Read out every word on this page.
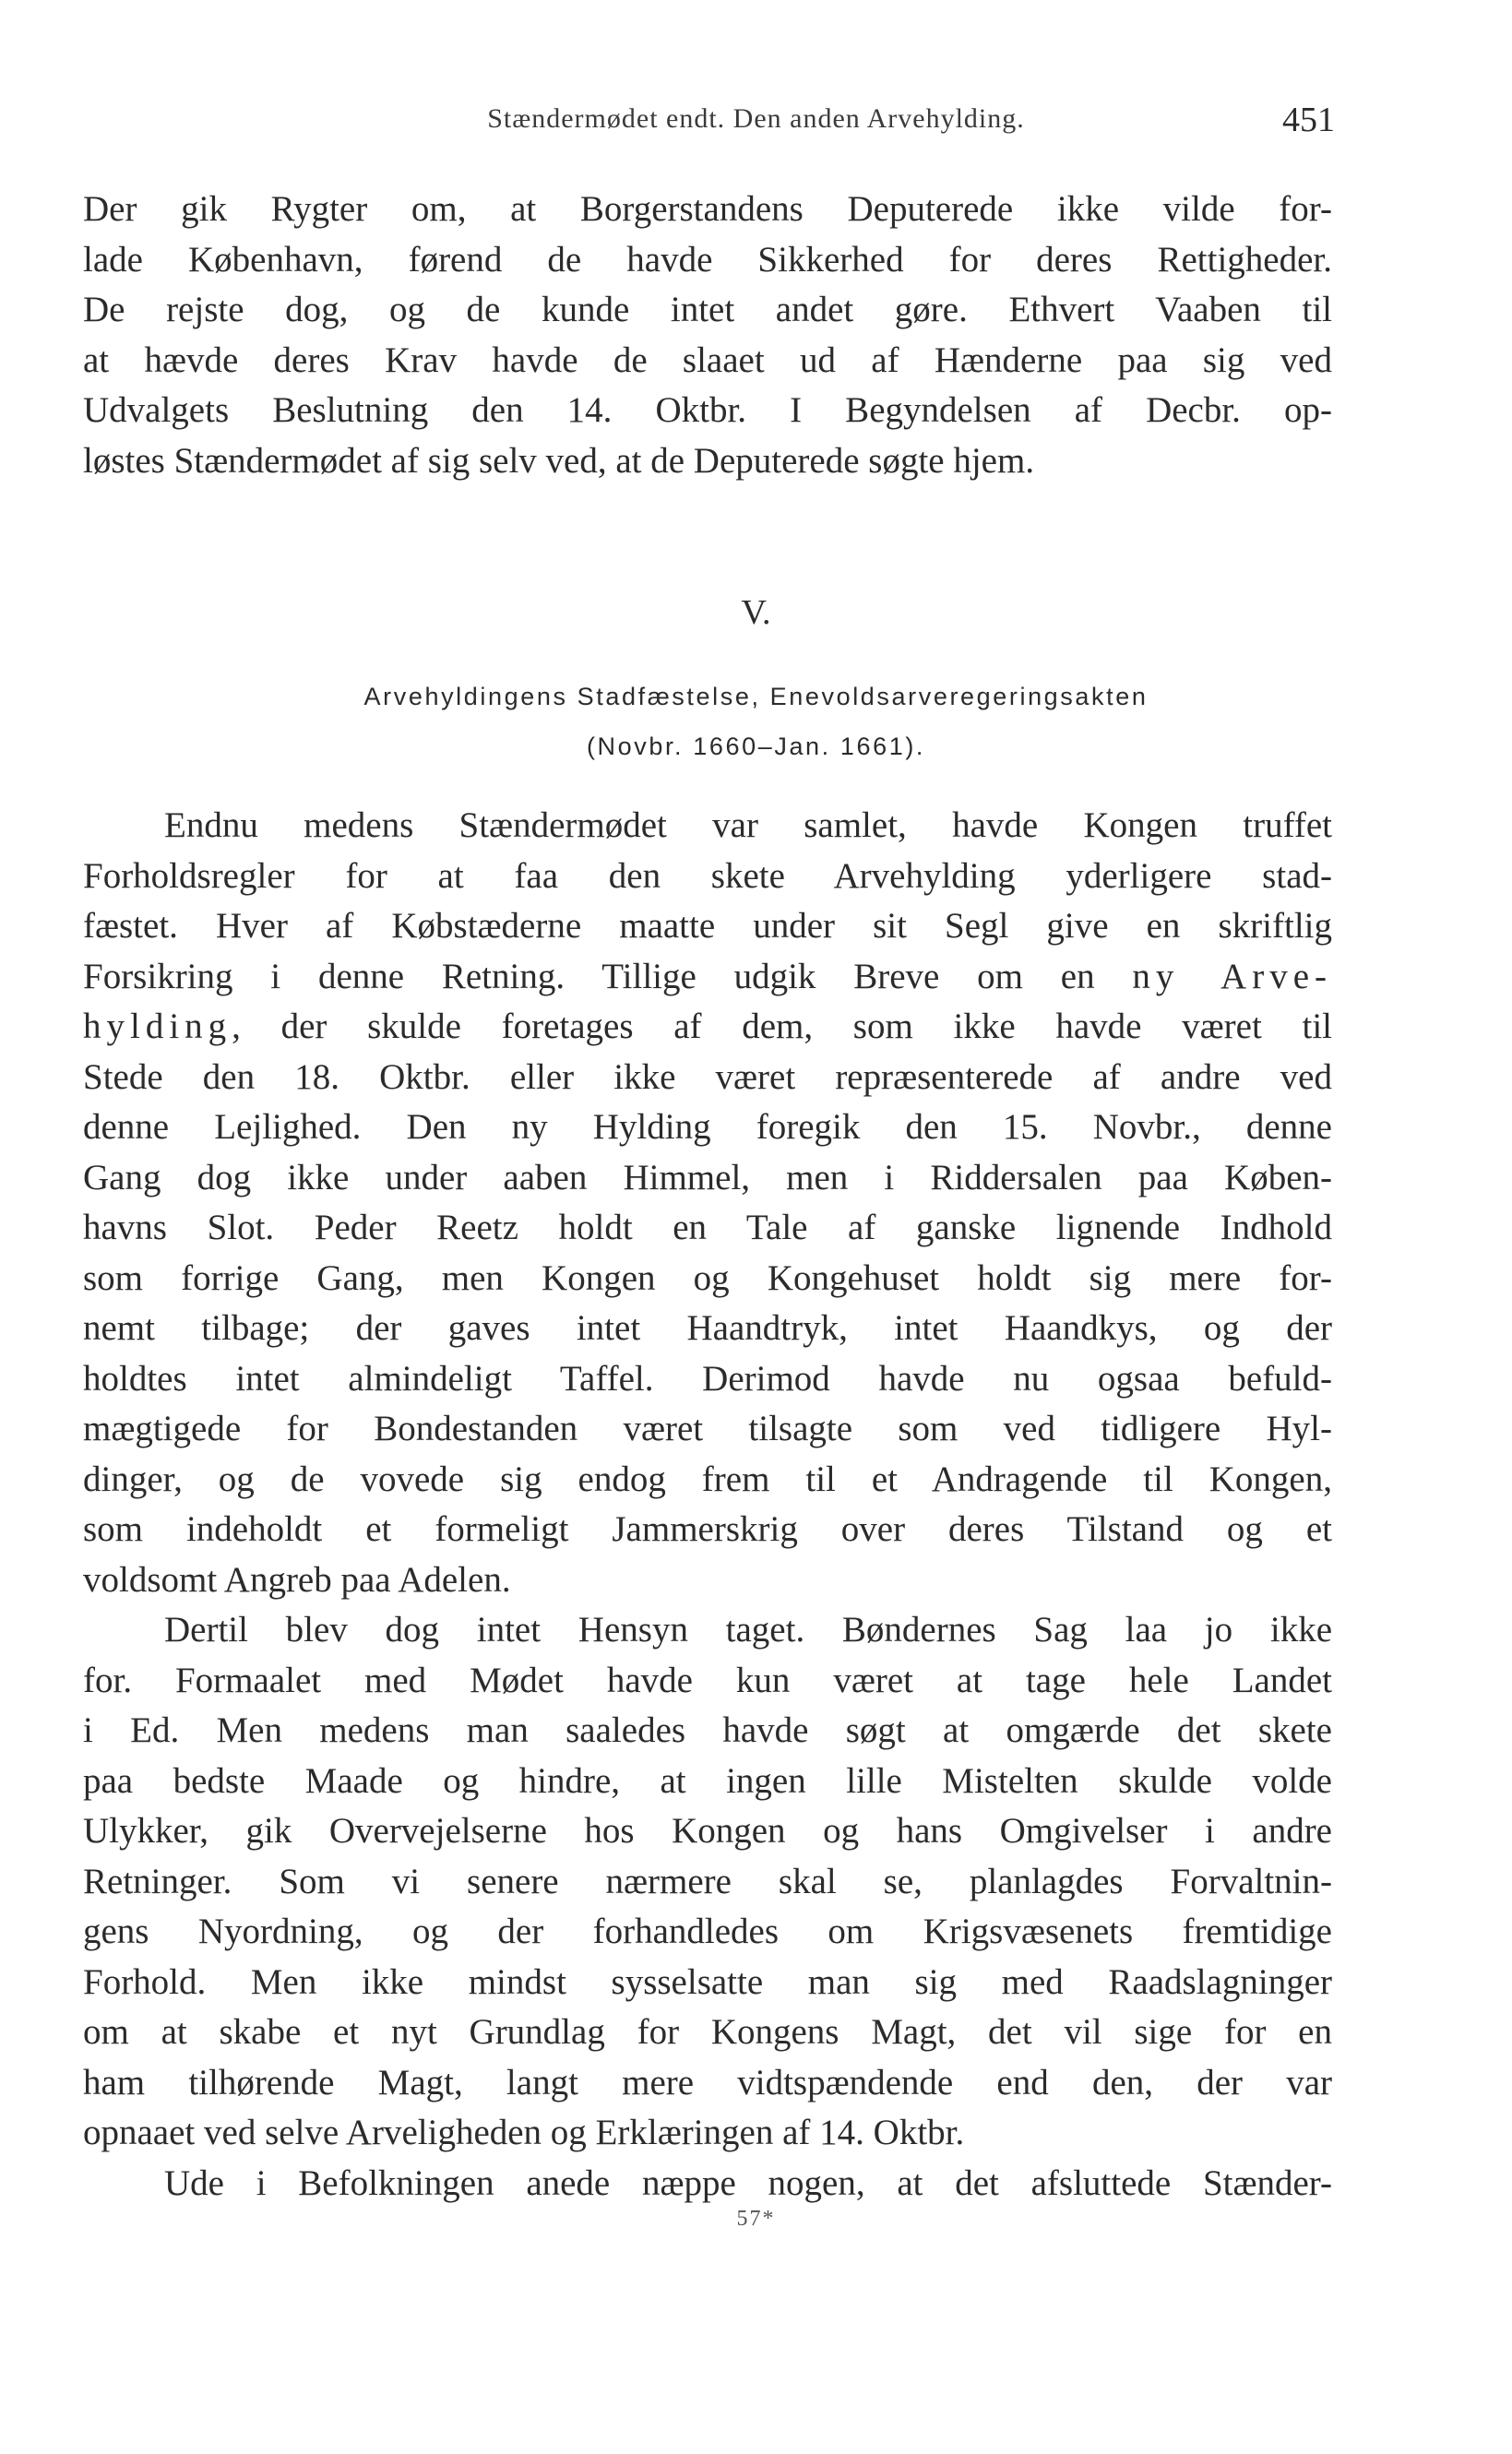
Stændermødet endt. Den anden Arvehylding.	451
Der gik Rygter om, at Borgerstandens Deputerede ikke vilde for-
lade København, førend de havde Sikkerhed for deres Rettigheder.
De rejste dog, og de kunde intet andet gøre. Ethvert Vaaben til
at hævde deres Krav havde de slaaet ud af Hænderne paa sig ved
Udvalgets Beslutning den 14. Oktbr. I Begyndelsen af Decbr. op-
løstes Stændermødet af sig selv ved, at de Deputerede søgte hjem.
V.
Arvehyldingens Stadfæstelse, Enevoldsarveregeringsakten
(Novbr. 1660–Jan. 1661).
Endnu medens Stændermødet var samlet, havde Kongen truffet
Forholdsregler for at faa den skete Arvehylding yderligere stad-
fæstet. Hver af Købstæderne maatte under sit Segl give en skriftlig
Forsikring i denne Retning. Tillige udgik Breve om en ny Arve-
hylding, der skulde foretages af dem, som ikke havde været til
Stede den 18. Oktbr. eller ikke været repræsenterede af andre ved
denne Lejlighed. Den ny Hylding foregik den 15. Novbr., denne
Gang dog ikke under aaben Himmel, men i Riddersalen paa Køben-
havns Slot. Peder Reetz holdt en Tale af ganske lignende Indhold
som forrige Gang, men Kongen og Kongehuset holdt sig mere for-
nemt tilbage; der gaves intet Haandtryk, intet Haandkys, og der
holdtes intet almindeligt Taffel. Derimod havde nu ogsaa befuld-
mægtigede for Bondestanden været tilsagte som ved tidligere Hyl-
dinger, og de vovede sig endog frem til et Andragende til Kongen,
som indeholdt et formeligt Jammerskrig over deres Tilstand og et
voldsomt Angreb paa Adelen.
Dertil blev dog intet Hensyn taget. Bøndernes Sag laa jo ikke
for. Formaalet med Mødet havde kun været at tage hele Landet
i Ed. Men medens man saaledes havde søgt at omgærde det skete
paa bedste Maade og hindre, at ingen lille Mistelten skulde volde
Ulykker, gik Overvejelserne hos Kongen og hans Omgivelser i andre
Retninger. Som vi senere nærmere skal se, planlagdes Forvaltnin-
gens Nyordning, og der forhandledes om Krigsvæsenets fremtidige
Forhold. Men ikke mindst sysselsatte man sig med Raadslagninger
om at skabe et nyt Grundlag for Kongens Magt, det vil sige for en
ham tilhørende Magt, langt mere vidtspændende end den, der var
opnaaet ved selve Arveligheden og Erklæringen af 14. Oktbr.
Ude i Befolkningen anede næppe nogen, at det afsluttede Stænder-
57*
